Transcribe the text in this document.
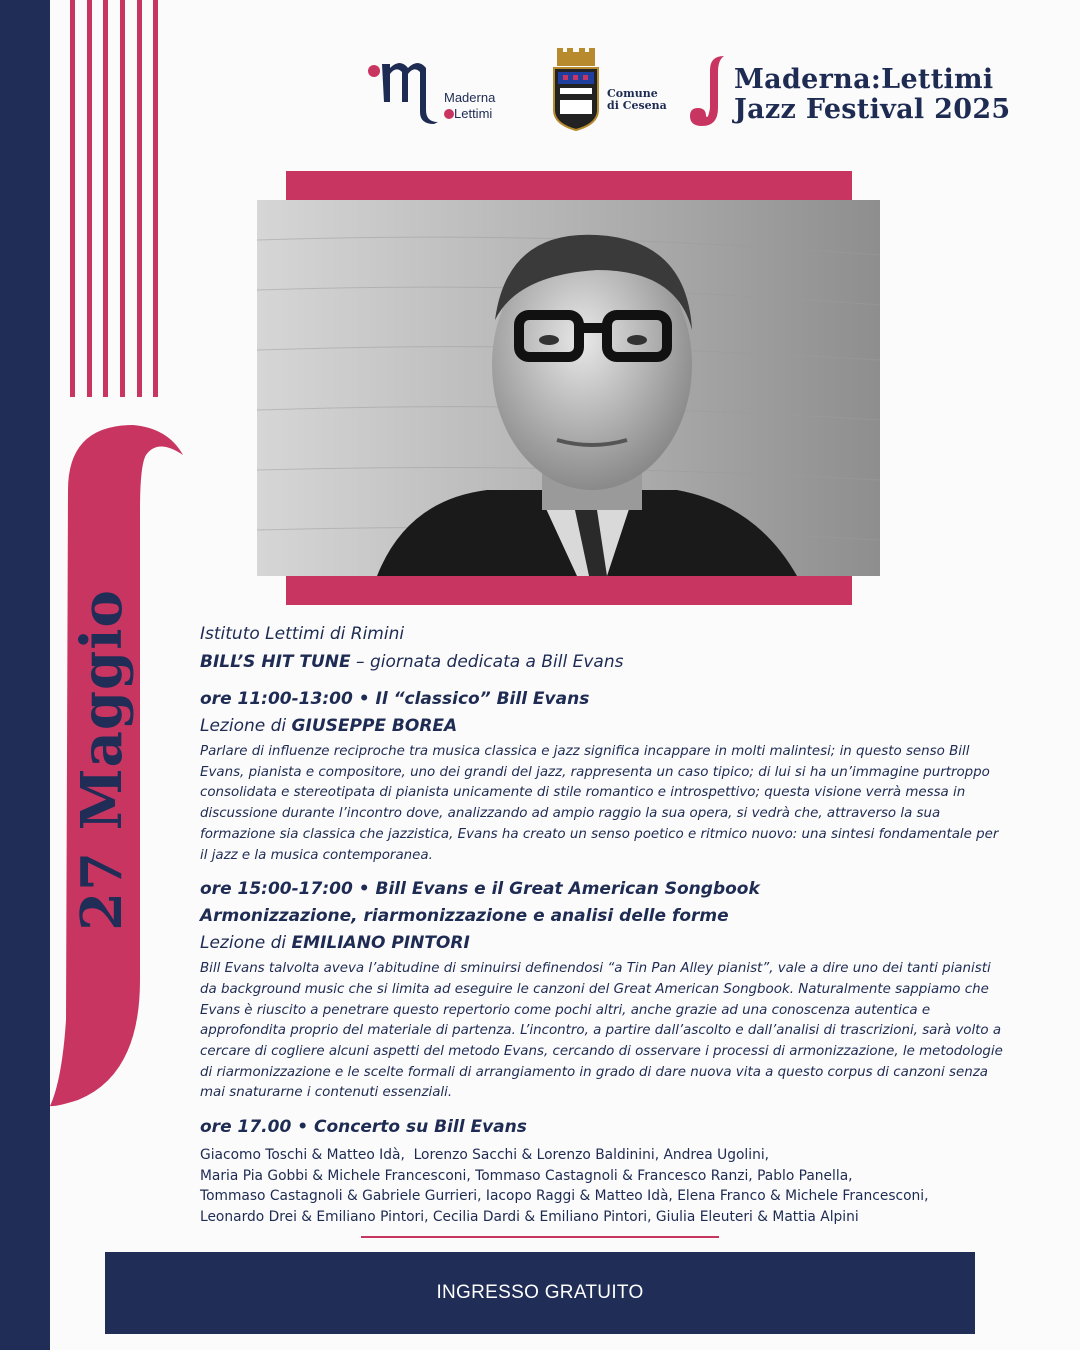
27 Maggio
Maderna
Lettimi
Comune
di Cesena
Maderna:Lettimi
Jazz Festival 2025
Istituto Lettimi di Rimini
BILL’S HIT TUNE – giornata dedicata a Bill Evans
ore 11:00-13:00 • Il “classico” Bill Evans
Lezione di GIUSEPPE BOREA
Parlare di influenze reciproche tra musica classica e jazz significa incappare in molti malintesi; in questo senso Bill Evans, pianista e compositore, uno dei grandi del jazz, rappresenta un caso tipico; di lui si ha un’immagine purtroppo consolidata e stereotipata di pianista unicamente di stile romantico e introspettivo; questa visione verrà messa in discussione durante l’incontro dove, analizzando ad ampio raggio la sua opera, si vedrà che, attraverso la sua formazione sia classica che jazzistica, Evans ha creato un senso poetico e ritmico nuovo: una sintesi fondamentale per il jazz e la musica contemporanea.
ore 15:00-17:00 • Bill Evans e il Great American Songbook
Armonizzazione, riarmonizzazione e analisi delle forme
Lezione di EMILIANO PINTORI
Bill Evans talvolta aveva l’abitudine di sminuirsi definendosi “a Tin Pan Alley pianist”, vale a dire uno dei tanti pianisti da background music che si limita ad eseguire le canzoni del Great American Songbook. Naturalmente sappiamo che Evans è riuscito a penetrare questo repertorio come pochi altri, anche grazie ad una conoscenza autentica e approfondita proprio del materiale di partenza. L’incontro, a partire dall’ascolto e dall’analisi di trascrizioni, sarà volto a cercare di cogliere alcuni aspetti del metodo Evans, cercando di osservare i processi di armonizzazione, le metodologie di riarmonizzazione e le scelte formali di arrangiamento in grado di dare nuova vita a questo corpus di canzoni senza mai snaturarne i contenuti essenziali.
ore 17.00 • Concerto su Bill Evans
Giacomo Toschi & Matteo Idà,  Lorenzo Sacchi & Lorenzo Baldinini, Andrea Ugolini,
Maria Pia Gobbi & Michele Francesconi, Tommaso Castagnoli & Francesco Ranzi, Pablo Panella,
Tommaso Castagnoli & Gabriele Gurrieri, Iacopo Raggi & Matteo Idà, Elena Franco & Michele Francesconi,
Leonardo Drei & Emiliano Pintori, Cecilia Dardi & Emiliano Pintori, Giulia Eleuteri & Mattia Alpini
INGRESSO GRATUITO
